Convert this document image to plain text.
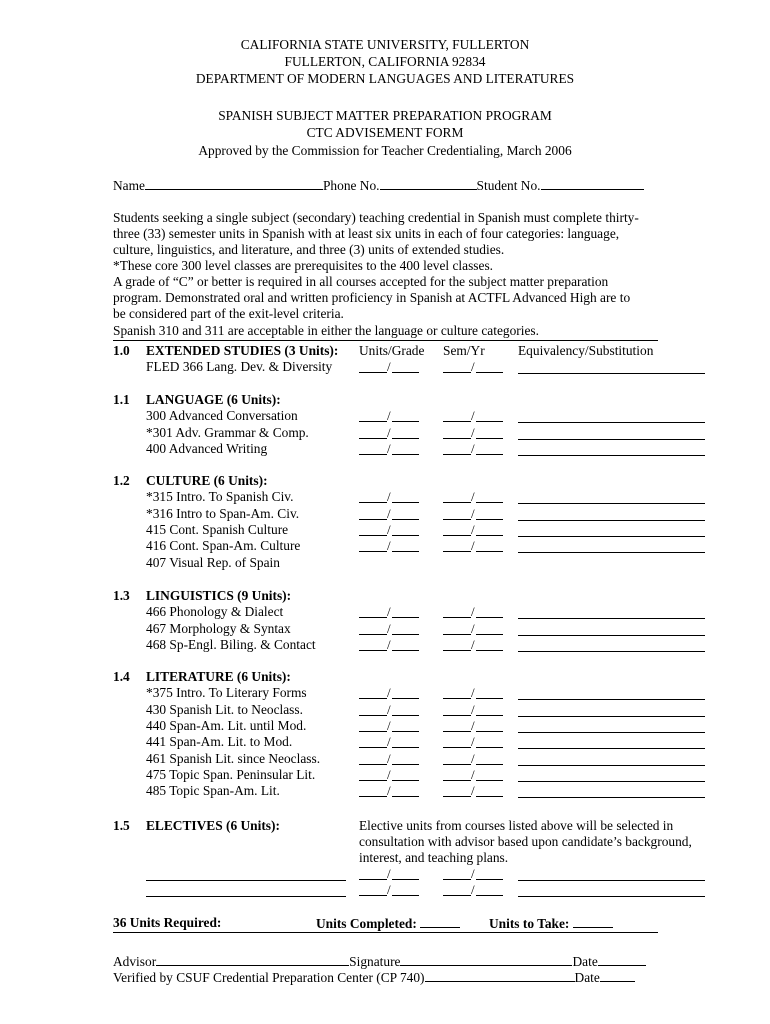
CALIFORNIA STATE UNIVERSITY, FULLERTON
FULLERTON, CALIFORNIA 92834
DEPARTMENT OF MODERN LANGUAGES AND LITERATURES
SPANISH SUBJECT MATTER PREPARATION PROGRAM
CTC ADVISEMENT FORM
Approved by the Commission for Teacher Credentialing, March 2006
Name	Phone No.	Student No.
Students seeking a single subject (secondary) teaching credential in Spanish must complete thirty-
three (33) semester units in Spanish with at least six units in each of four categories: language,
culture, linguistics, and literature, and three (3) units of extended studies.
*These core 300 level classes are prerequisites to the 400 level classes.
A grade of “C” or better is required in all courses accepted for the subject matter preparation
program. Demonstrated oral and written proficiency in Spanish at ACTFL Advanced High are to
be considered part of the exit-level criteria.
Spanish 310 and 311 are acceptable in either the language or culture categories.
Units/Grade Sem/Yr Equivalency/Substitution
1.0 EXTENDED STUDIES (3 Units):
FLED 366 Lang. Dev. & Diversity	/	/
1.1 LANGUAGE (6 Units):
300 Advanced Conversation	/	/
*301 Adv. Grammar & Comp.	/	/
400 Advanced Writing	/	/
1.2 CULTURE (6 Units):
*315 Intro. To Spanish Civ.	/	/
*316 Intro to Span-Am. Civ.	/	/
415 Cont. Spanish Culture	/	/
416 Cont. Span-Am. Culture	/	/
407 Visual Rep. of Spain
1.3 LINGUISTICS (9 Units):
466 Phonology & Dialect	/	/
467 Morphology & Syntax	/	/
468 Sp-Engl. Biling. & Contact	/	/
1.4 LITERATURE (6 Units):
*375 Intro. To Literary Forms	/	/
430 Spanish Lit. to Neoclass.	/	/
440 Span-Am. Lit. until Mod.	/	/
441 Span-Am. Lit. to Mod.	/	/
461 Spanish Lit. since Neoclass.	/	/
475 Topic Span. Peninsular Lit.	/	/
485 Topic Span-Am. Lit.	/	/
1.5 ELECTIVES (6 Units):	Elective units from courses listed above will be selected in
consultation with advisor based upon candidate’s background,
interest, and teaching plans.
/	/
/	/
36 Units Required:	Units Completed:	Units to Take:
Advisor	Signature	Date
Verified by CSUF Credential Preparation Center (CP 740)	Date
